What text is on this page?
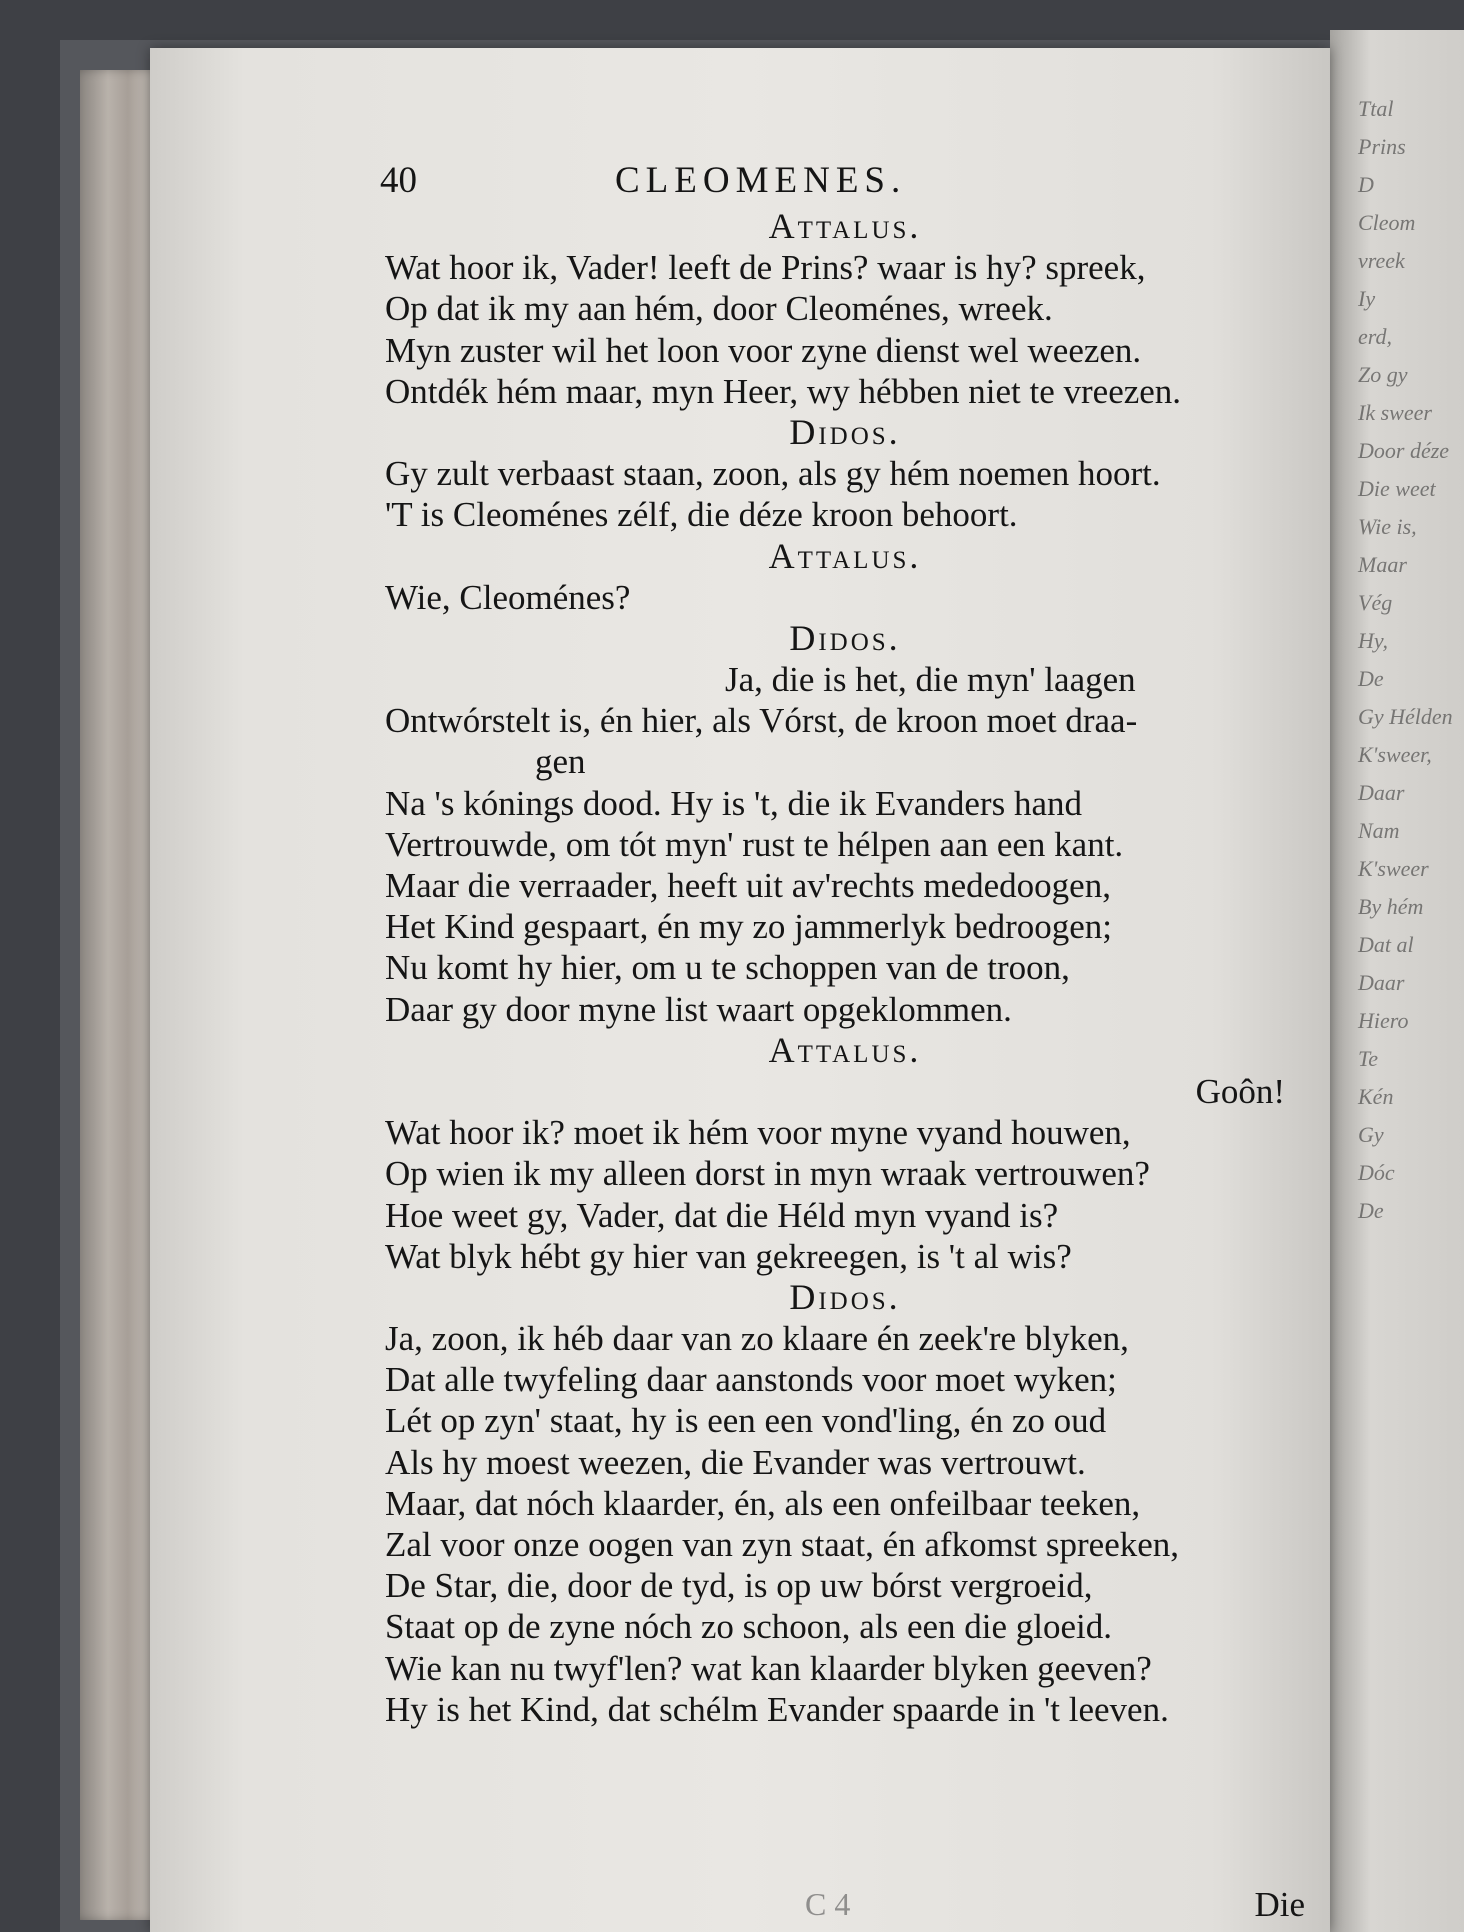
Ttal
Prins
D
Cleom
vreek
Iy
erd,
Zo gy
Ik sweer
Door déze
Die weet
Wie is,
Maar
Vég
Hy,
De
Gy Hélden
K'sweer,
Daar
Nam
K'sweer
By hém
Dat al
Daar
Hiero
Te
Kén
Gy
Dóc
De
40	CLEOMENES.
Attalus.
Wat hoor ik, Vader! leeft de Prins? waar is hy? spreek,
Op dat ik my aan hém, door Cleoménes, wreek.
Myn zuster wil het loon voor zyne dienst wel weezen.
Ontdék hém maar, myn Heer, wy hébben niet te vreezen.
Didos.
Gy zult verbaast staan, zoon, als gy hém noemen hoort.
'T is Cleoménes zélf, die déze kroon behoort.
Attalus.
Wie, Cleoménes?
Didos.
Ja, die is het, die myn' laagen
Ontwórstelt is, én hier, als Vórst, de kroon moet draa-
gen
Na 's kónings dood. Hy is 't, die ik Evanders hand
Vertrouwde, om tót myn' rust te hélpen aan een kant.
Maar die verraader, heeft uit av'rechts mededoogen,
Het Kind gespaart, én my zo jammerlyk bedroogen;
Nu komt hy hier, om u te schoppen van de troon,
Daar gy door myne list waart opgeklommen.
Attalus.
Goôn!
Wat hoor ik? moet ik hém voor myne vyand houwen,
Op wien ik my alleen dorst in myn wraak vertrouwen?
Hoe weet gy, Vader, dat die Héld myn vyand is?
Wat blyk hébt gy hier van gekreegen, is 't al wis?
Didos.
Ja, zoon, ik héb daar van zo klaare én zeek're blyken,
Dat alle twyfeling daar aanstonds voor moet wyken;
Lét op zyn' staat, hy is een een vond'ling, én zo oud
Als hy moest weezen, die Evander was vertrouwt.
Maar, dat nóch klaarder, én, als een onfeilbaar teeken,
Zal voor onze oogen van zyn staat, én afkomst spreeken,
De Star, die, door de tyd, is op uw bórst vergroeid,
Staat op de zyne nóch zo schoon, als een die gloeid.
Wie kan nu twyf'len? wat kan klaarder blyken geeven?
Hy is het Kind, dat schélm Evander spaarde in 't leeven.
C 4	Die
